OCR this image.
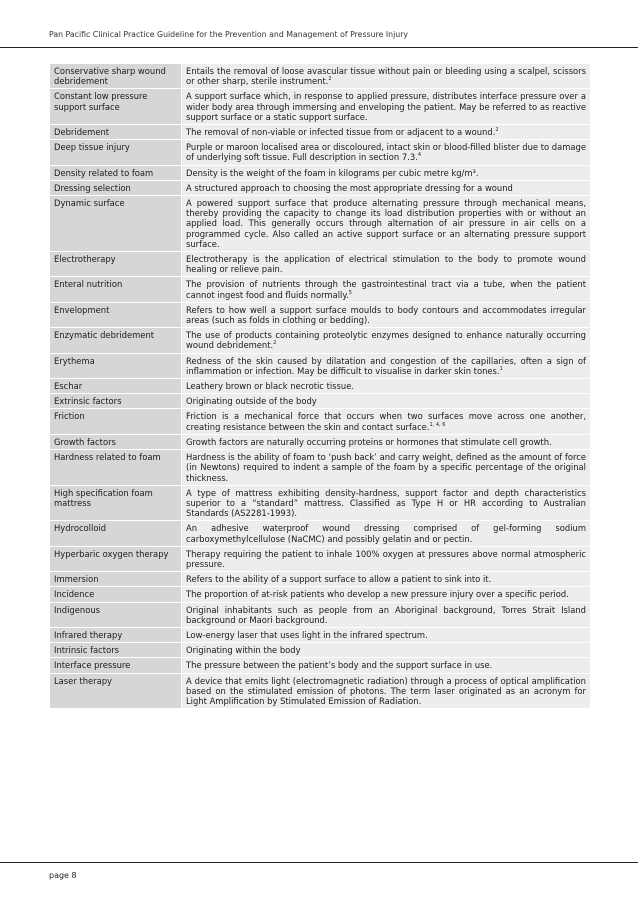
Pan Pacific Clinical Practice Guideline for the Prevention and Management of Pressure Injury
Conservative sharp wound debridement	Entails the removal of loose avascular tissue without pain or bleeding using a scalpel, scissors or other sharp, sterile instrument.$^2$
Constant low pressure support surface	A support surface which, in response to applied pressure, distributes interface pressure over a wider body area through immersing and enveloping the patient. May be referred to as reactive support surface or a static support surface.
Debridement	The removal of non-viable or infected tissue from or adjacent to a wound.$^2$
Deep tissue injury	Purple or maroon localised area or discoloured, intact skin or blood-filled blister due to damage of underlying soft tissue. Full description in section 7.3.$^4$
Density related to foam	Density is the weight of the foam in kilograms per cubic metre kg/m³.
Dressing selection	A structured approach to choosing the most appropriate dressing for a wound
Dynamic surface	A powered support surface that produce alternating pressure through mechanical means, thereby providing the capacity to change its load distribution properties with or without an applied load. This generally occurs through alternation of air pressure in air cells on a programmed cycle. Also called an active support surface or an alternating pressure support surface.
Electrotherapy	Electrotherapy is the application of electrical stimulation to the body to promote wound healing or relieve pain.
Enteral nutrition	The provision of nutrients through the gastrointestinal tract via a tube, when the patient cannot ingest food and fluids normally.$^5$
Envelopment	Refers to how well a support surface moulds to body contours and accommodates irregular areas (such as folds in clothing or bedding).
Enzymatic debridement	The use of products containing proteolytic enzymes designed to enhance naturally occurring wound debridement.$^2$
Erythema	Redness of the skin caused by dilatation and congestion of the capillaries, often a sign of inflammation or infection. May be difficult to visualise in darker skin tones.$^1$
Eschar	Leathery brown or black necrotic tissue.
Extrinsic factors	Originating outside of the body
Friction	Friction is a mechanical force that occurs when two surfaces move across one another, creating resistance between the skin and contact surface.$^{1, 4, 6}$
Growth factors	Growth factors are naturally occurring proteins or hormones that stimulate cell growth.
Hardness related to foam	Hardness is the ability of foam to ‘push back’ and carry weight, defined as the amount of force (in Newtons) required to indent a sample of the foam by a specific percentage of the original thickness.
High specification foam mattress	A type of mattress exhibiting density-hardness, support factor and depth characteristics superior to a “standard” mattress. Classified as Type H or HR according to Australian Standards (AS2281-1993).
Hydrocolloid	An adhesive waterproof wound dressing comprised of gel-forming sodium carboxymethylcellulose (NaCMC) and possibly gelatin and or pectin.
Hyperbaric oxygen therapy	Therapy requiring the patient to inhale 100% oxygen at pressures above normal atmospheric pressure.
Immersion	Refers to the ability of a support surface to allow a patient to sink into it.
Incidence	The proportion of at-risk patients who develop a new pressure injury over a specific period.
Indigenous	Original inhabitants such as people from an Aboriginal background, Torres Strait Island background or Maori background.
Infrared therapy	Low-energy laser that uses light in the infrared spectrum.
Intrinsic factors	Originating within the body
Interface pressure	The pressure between the patient’s body and the support surface in use.
Laser therapy	A device that emits light (electromagnetic radiation) through a process of optical amplification based on the stimulated emission of photons. The term laser originated as an acronym for Light Amplification by Stimulated Emission of Radiation.
page 8
